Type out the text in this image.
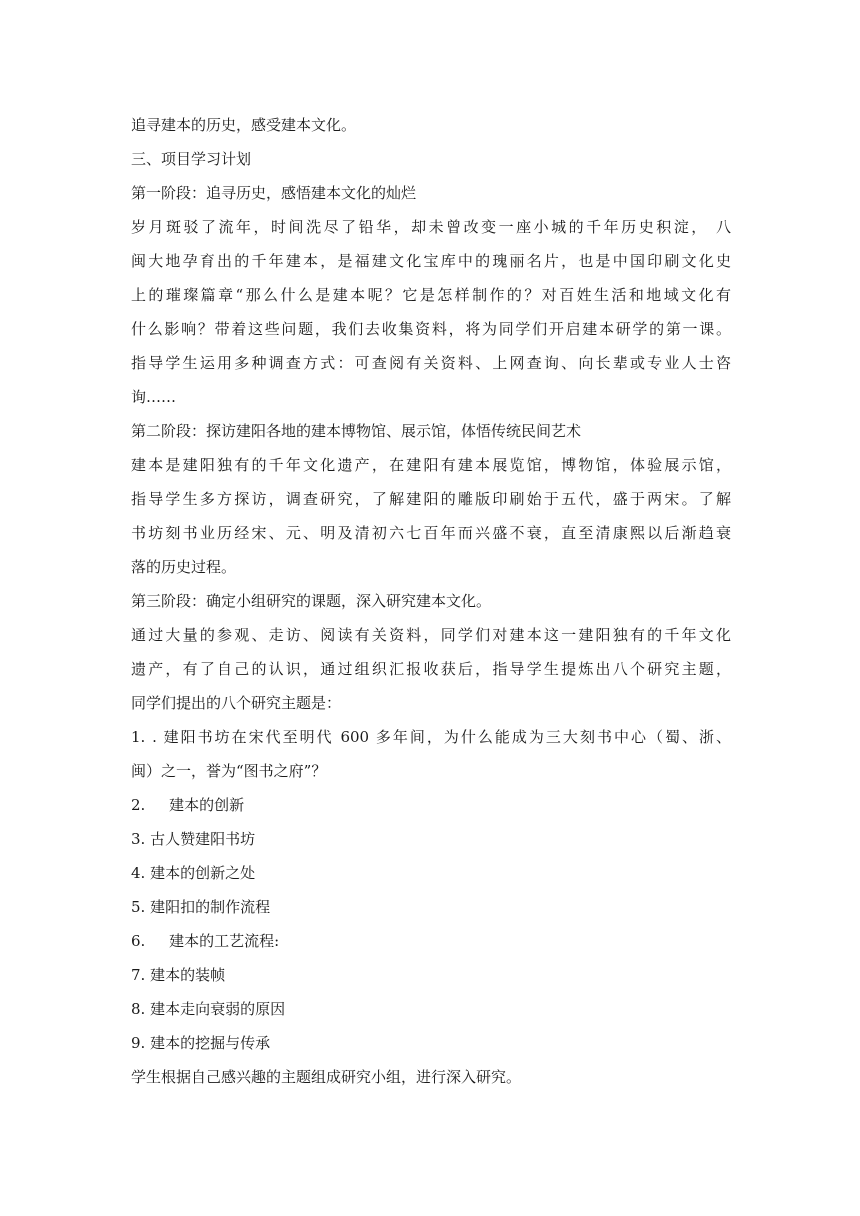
追寻建本的历史，感受建本文化。
三、项目学习计划
第一阶段：追寻历史，感悟建本文化的灿烂
岁月斑驳了流年，时间洗尽了铅华，却未曾改变一座小城的千年历史积淀， 八
闽大地孕育出的千年建本，是福建文化宝库中的瑰丽名片，也是中国印刷文化史
上的璀璨篇章“那么什么是建本呢？它是怎样制作的？对百姓生活和地域文化有
什么影响？带着这些问题，我们去收集资料，将为同学们开启建本研学的第一课。
指导学生运用多种调查方式：可查阅有关资料、上网查询、向长辈或专业人士咨
询……
第二阶段：探访建阳各地的建本博物馆、展示馆，体悟传统民间艺术
建本是建阳独有的千年文化遗产，在建阳有建本展览馆，博物馆，体验展示馆，
指导学生多方探访，调查研究，了解建阳的雕版印刷始于五代，盛于两宋。了解
书坊刻书业历经宋、元、明及清初六七百年而兴盛不衰，直至清康熙以后渐趋衰
落的历史过程。
第三阶段：确定小组研究的课题，深入研究建本文化。
通过大量的参观、走访、阅读有关资料，同学们对建本这一建阳独有的千年文化
遗产，有了自己的认识，通过组织汇报收获后，指导学生提炼出八个研究主题，
同学们提出的八个研究主题是：
1. . 建阳书坊在宋代至明代 600 多年间，为什么能成为三大刻书中心（蜀、浙、
闽）之一，誉为“图书之府”？
2.     建本的创新
3. 古人赞建阳书坊
4. 建本的创新之处
5. 建阳扣的制作流程
6.     建本的工艺流程:
7. 建本的装帧
8. 建本走向衰弱的原因
9. 建本的挖掘与传承
学生根据自己感兴趣的主题组成研究小组，进行深入研究。
